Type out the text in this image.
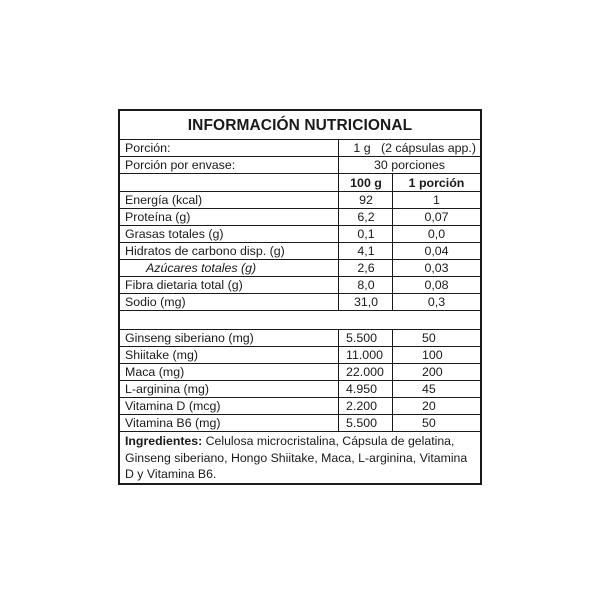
INFORMACIÓN NUTRICIONAL
Porción:	1 g   (2 cápsulas app.)
Porción por envase:	30 porciones
100 g	1 porción
Energía (kcal)	92	1
Proteína (g)	6,2	0,07
Grasas totales (g)	0,1	0,0
Hidratos de carbono disp. (g)	4,1	0,04
Azúcares totales (g)	2,6	0,03
Fibra dietaria total (g)	8,0	0,08
Sodio (mg)	31,0	0,3
Ginseng siberiano (mg)	5.500	50
Shiitake (mg)	11.000	100
Maca (mg)	22.000	200
L-arginina (mg)	4.950	45
Vitamina D (mcg)	2.200	20
Vitamina B6 (mg)	5.500	50
Ingredientes: Celulosa microcristalina, Cápsula de gelatina, Ginseng siberiano, Hongo Shiitake, Maca, L-arginina, Vitamina D y Vitamina B6.
